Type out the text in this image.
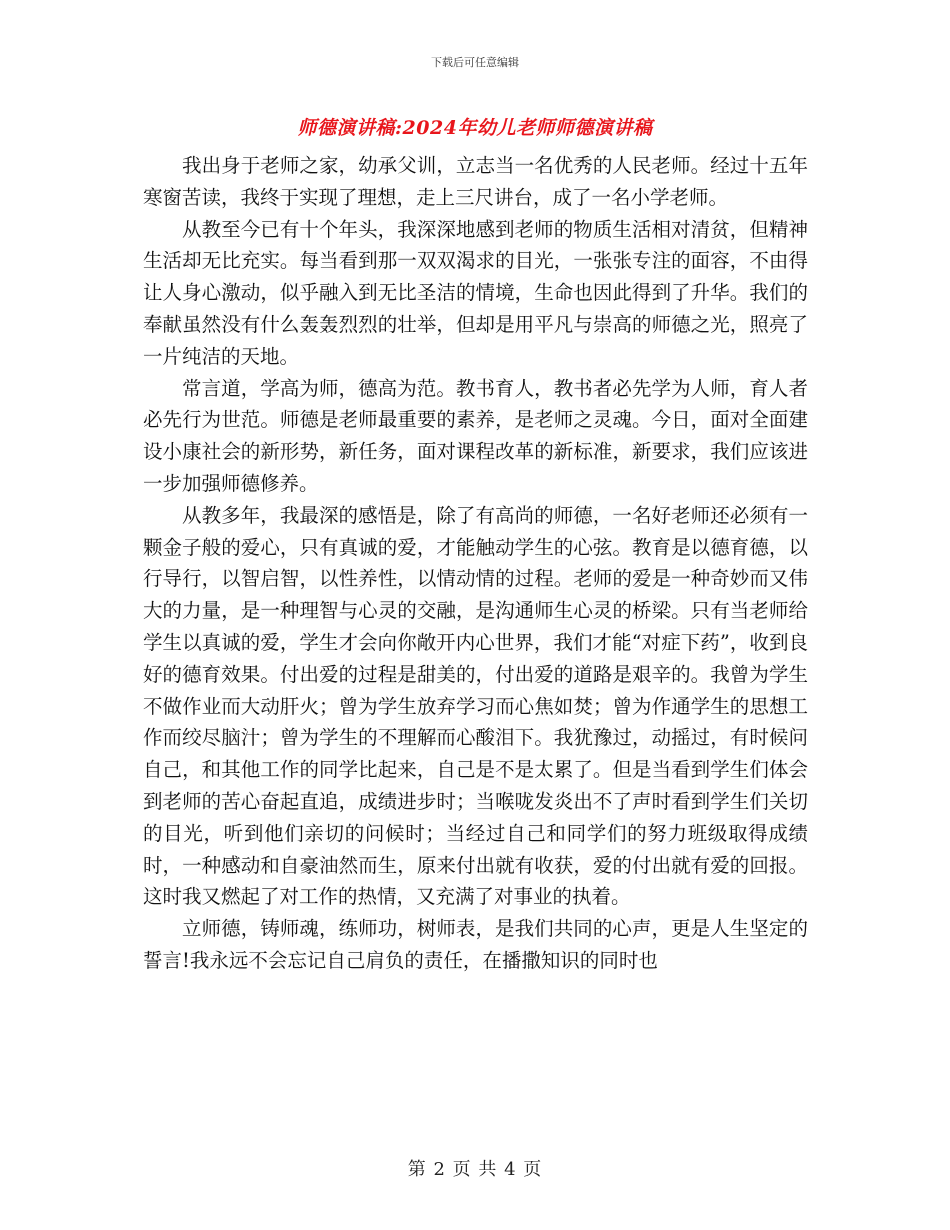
下载后可任意编辑
师德演讲稿:2024年幼儿老师师德演讲稿

我出身于老师之家，幼承父训，立志当一名优秀的人民老师。经过十五年寒窗苦读，我终于实现了理想，走上三尺讲台，成了一名小学老师。

从教至今已有十个年头，我深深地感到老师的物质生活相对清贫，但精神生活却无比充实。每当看到那一双双渴求的目光，一张张专注的面容，不由得让人身心激动，似乎融入到无比圣洁的情境，生命也因此得到了升华。我们的奉献虽然没有什么轰轰烈烈的壮举，但却是用平凡与崇高的师德之光，照亮了一片纯洁的天地。

常言道，学高为师，德高为范。教书育人，教书者必先学为人师，育人者必先行为世范。师德是老师最重要的素养，是老师之灵魂。今日，面对全面建设小康社会的新形势，新任务，面对课程改革的新标准，新要求，我们应该进一步加强师德修养。

从教多年，我最深的感悟是，除了有高尚的师德，一名好老师还必须有一颗金子般的爱心，只有真诚的爱，才能触动学生的心弦。教育是以德育德，以行导行，以智启智，以性养性，以情动情的过程。老师的爱是一种奇妙而又伟大的力量，是一种理智与心灵的交融，是沟通师生心灵的桥梁。只有当老师给学生以真诚的爱，学生才会向你敞开内心世界，我们才能“对症下药”，收到良好的德育效果。付出爱的过程是甜美的，付出爱的道路是艰辛的。我曾为学生不做作业而大动肝火；曾为学生放弃学习而心焦如焚；曾为作通学生的思想工作而绞尽脑汁；曾为学生的不理解而心酸泪下。我犹豫过，动摇过，有时候问自己，和其他工作的同学比起来，自己是不是太累了。但是当看到学生们体会到老师的苦心奋起直追，成绩进步时；当喉咙发炎出不了声时看到学生们关切的目光，听到他们亲切的问候时；当经过自己和同学们的努力班级取得成绩时，一种感动和自豪油然而生，原来付出就有收获，爱的付出就有爱的回报。这时我又燃起了对工作的热情，又充满了对事业的执着。

立师德，铸师魂，练师功，树师表，是我们共同的心声，更是人生坚定的誓言!我永远不会忘记自己肩负的责任，在播撒知识的同时也

第 2 页 共 4 页
